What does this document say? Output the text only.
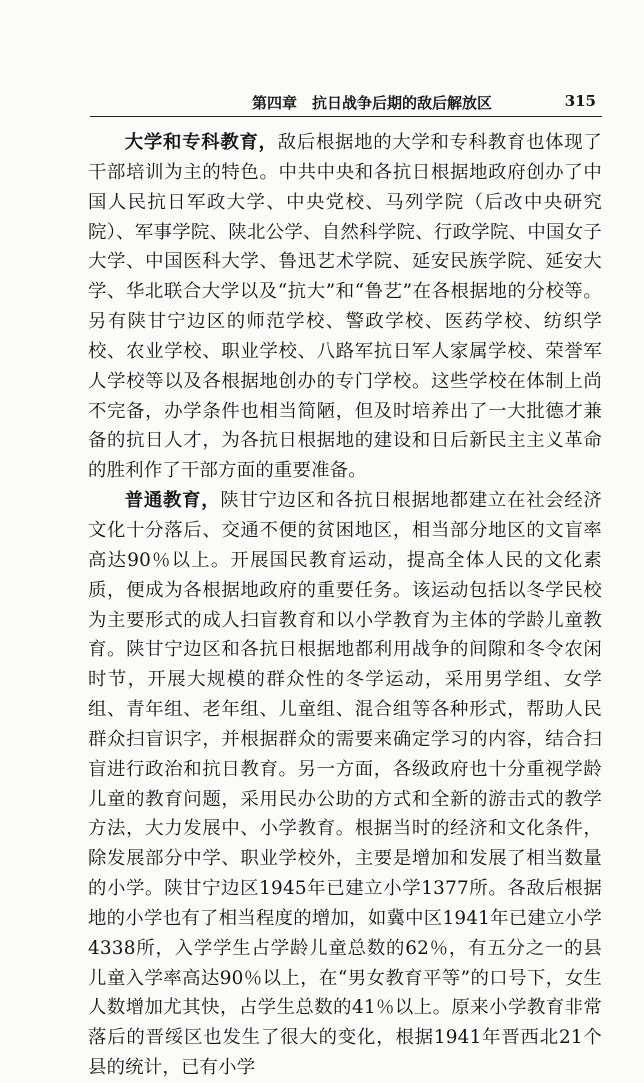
第四章　抗日战争后期的敌后解放区	315

大学和专科教育，敌后根据地的大学和专科教育也体现了干部培训为主的特色。中共中央和各抗日根据地政府创办了中国人民抗日军政大学、中央党校、马列学院（后改中央研究院）、军事学院、陕北公学、自然科学院、行政学院、中国女子大学、中国医科大学、鲁迅艺术学院、延安民族学院、延安大学、华北联合大学以及“抗大”和“鲁艺”在各根据地的分校等。另有陕甘宁边区的师范学校、警政学校、医药学校、纺织学校、农业学校、职业学校、八路军抗日军人家属学校、荣誉军人学校等以及各根据地创办的专门学校。这些学校在体制上尚不完备，办学条件也相当简陋，但及时培养出了一大批德才兼备的抗日人才，为各抗日根据地的建设和日后新民主主义革命的胜利作了干部方面的重要准备。

普通教育，陕甘宁边区和各抗日根据地都建立在社会经济文化十分落后、交通不便的贫困地区，相当部分地区的文盲率高达90％以上。开展国民教育运动，提高全体人民的文化素质，便成为各根据地政府的重要任务。该运动包括以冬学民校为主要形式的成人扫盲教育和以小学教育为主体的学龄儿童教育。陕甘宁边区和各抗日根据地都利用战争的间隙和冬令农闲时节，开展大规模的群众性的冬学运动，采用男学组、女学组、青年组、老年组、儿童组、混合组等各种形式，帮助人民群众扫盲识字，并根据群众的需要来确定学习的内容，结合扫盲进行政治和抗日教育。另一方面，各级政府也十分重视学龄儿童的教育问题，采用民办公助的方式和全新的游击式的教学方法，大力发展中、小学教育。根据当时的经济和文化条件，除发展部分中学、职业学校外，主要是增加和发展了相当数量的小学。陕甘宁边区1945年已建立小学1377所。各敌后根据地的小学也有了相当程度的增加，如冀中区1941年已建立小学4338所，入学学生占学龄儿童总数的62％，有五分之一的县儿童入学率高达90％以上，在“男女教育平等”的口号下，女生人数增加尤其快，占学生总数的41％以上。原来小学教育非常落后的晋绥区也发生了很大的变化，根据1941年晋西北21个县的统计，已有小学
